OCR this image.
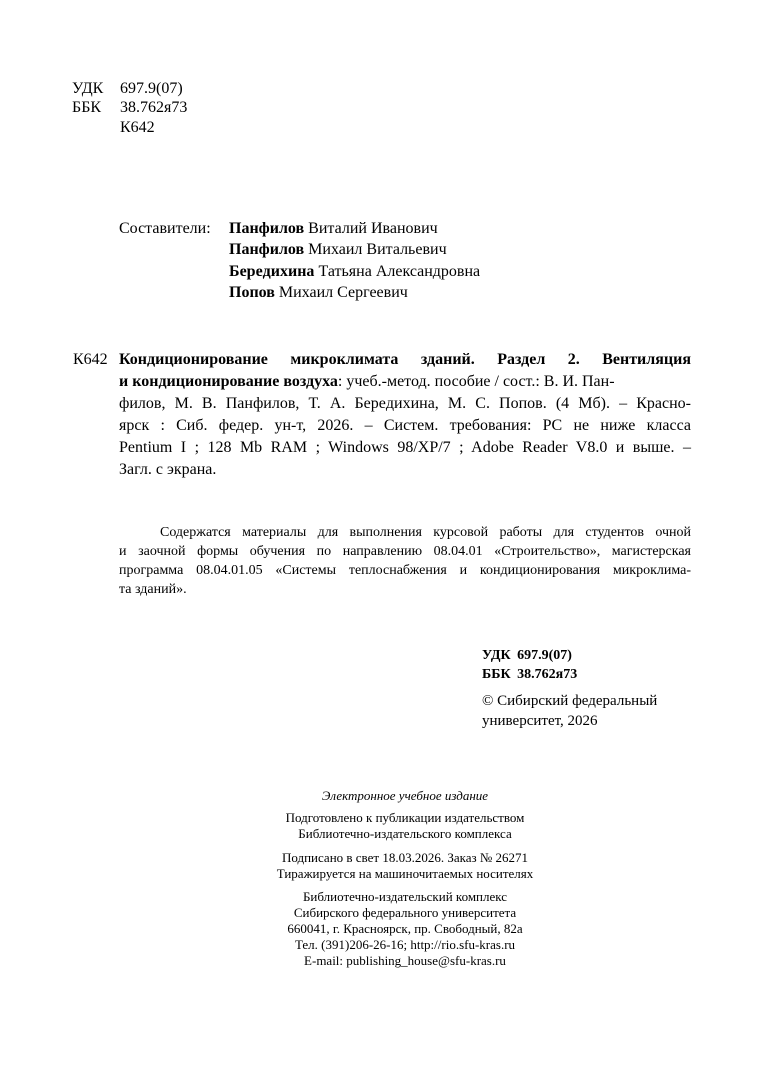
УДК 697.9(07)
ББК 38.762я73
К642
Составители: Панфилов Виталий Иванович
Панфилов Михаил Витальевич
Берeдихина Татьяна Александровна
Попов Михаил Сергеевич
К642 Кондиционирование микроклимата зданий. Раздел 2. Вентиляция
и кондиционирование воздуха: учеб.-метод. пособие / сост.: В. И. Пан-
филов, М. В. Панфилов, Т. А. Берeдихина, М. С. Попов. (4 Мб). – Красно-
ярск : Сиб. федер. ун-т, 2026. – Систем. требования: PC не ниже класса
Pentium I ; 128 Mb RAM ; Windows 98/XP/7 ; Adobe Reader V8.0 и выше. –
Загл. с экрана.
Содержатся материалы для выполнения курсовой работы для студентов очной
и заочной формы обучения по направлению 08.04.01 «Строительство», магистерская
программа 08.04.01.05 «Системы теплоснабжения и кондиционирования микроклима-
та зданий».
УДК 697.9(07)
ББК 38.762я73
© Сибирский федеральный
университет, 2026
Электронное учебное издание
Подготовлено к публикации издательством
Библиотечно-издательского комплекса
Подписано в свет 18.03.2026. Заказ № 26271
Тиражируется на машиночитаемых носителях
Библиотечно-издательский комплекс
Сибирского федерального университета
660041, г. Красноярск, пр. Свободный, 82а
Тел. (391)206-26-16; http://rio.sfu-kras.ru
E-mail: publishing_house@sfu-kras.ru
